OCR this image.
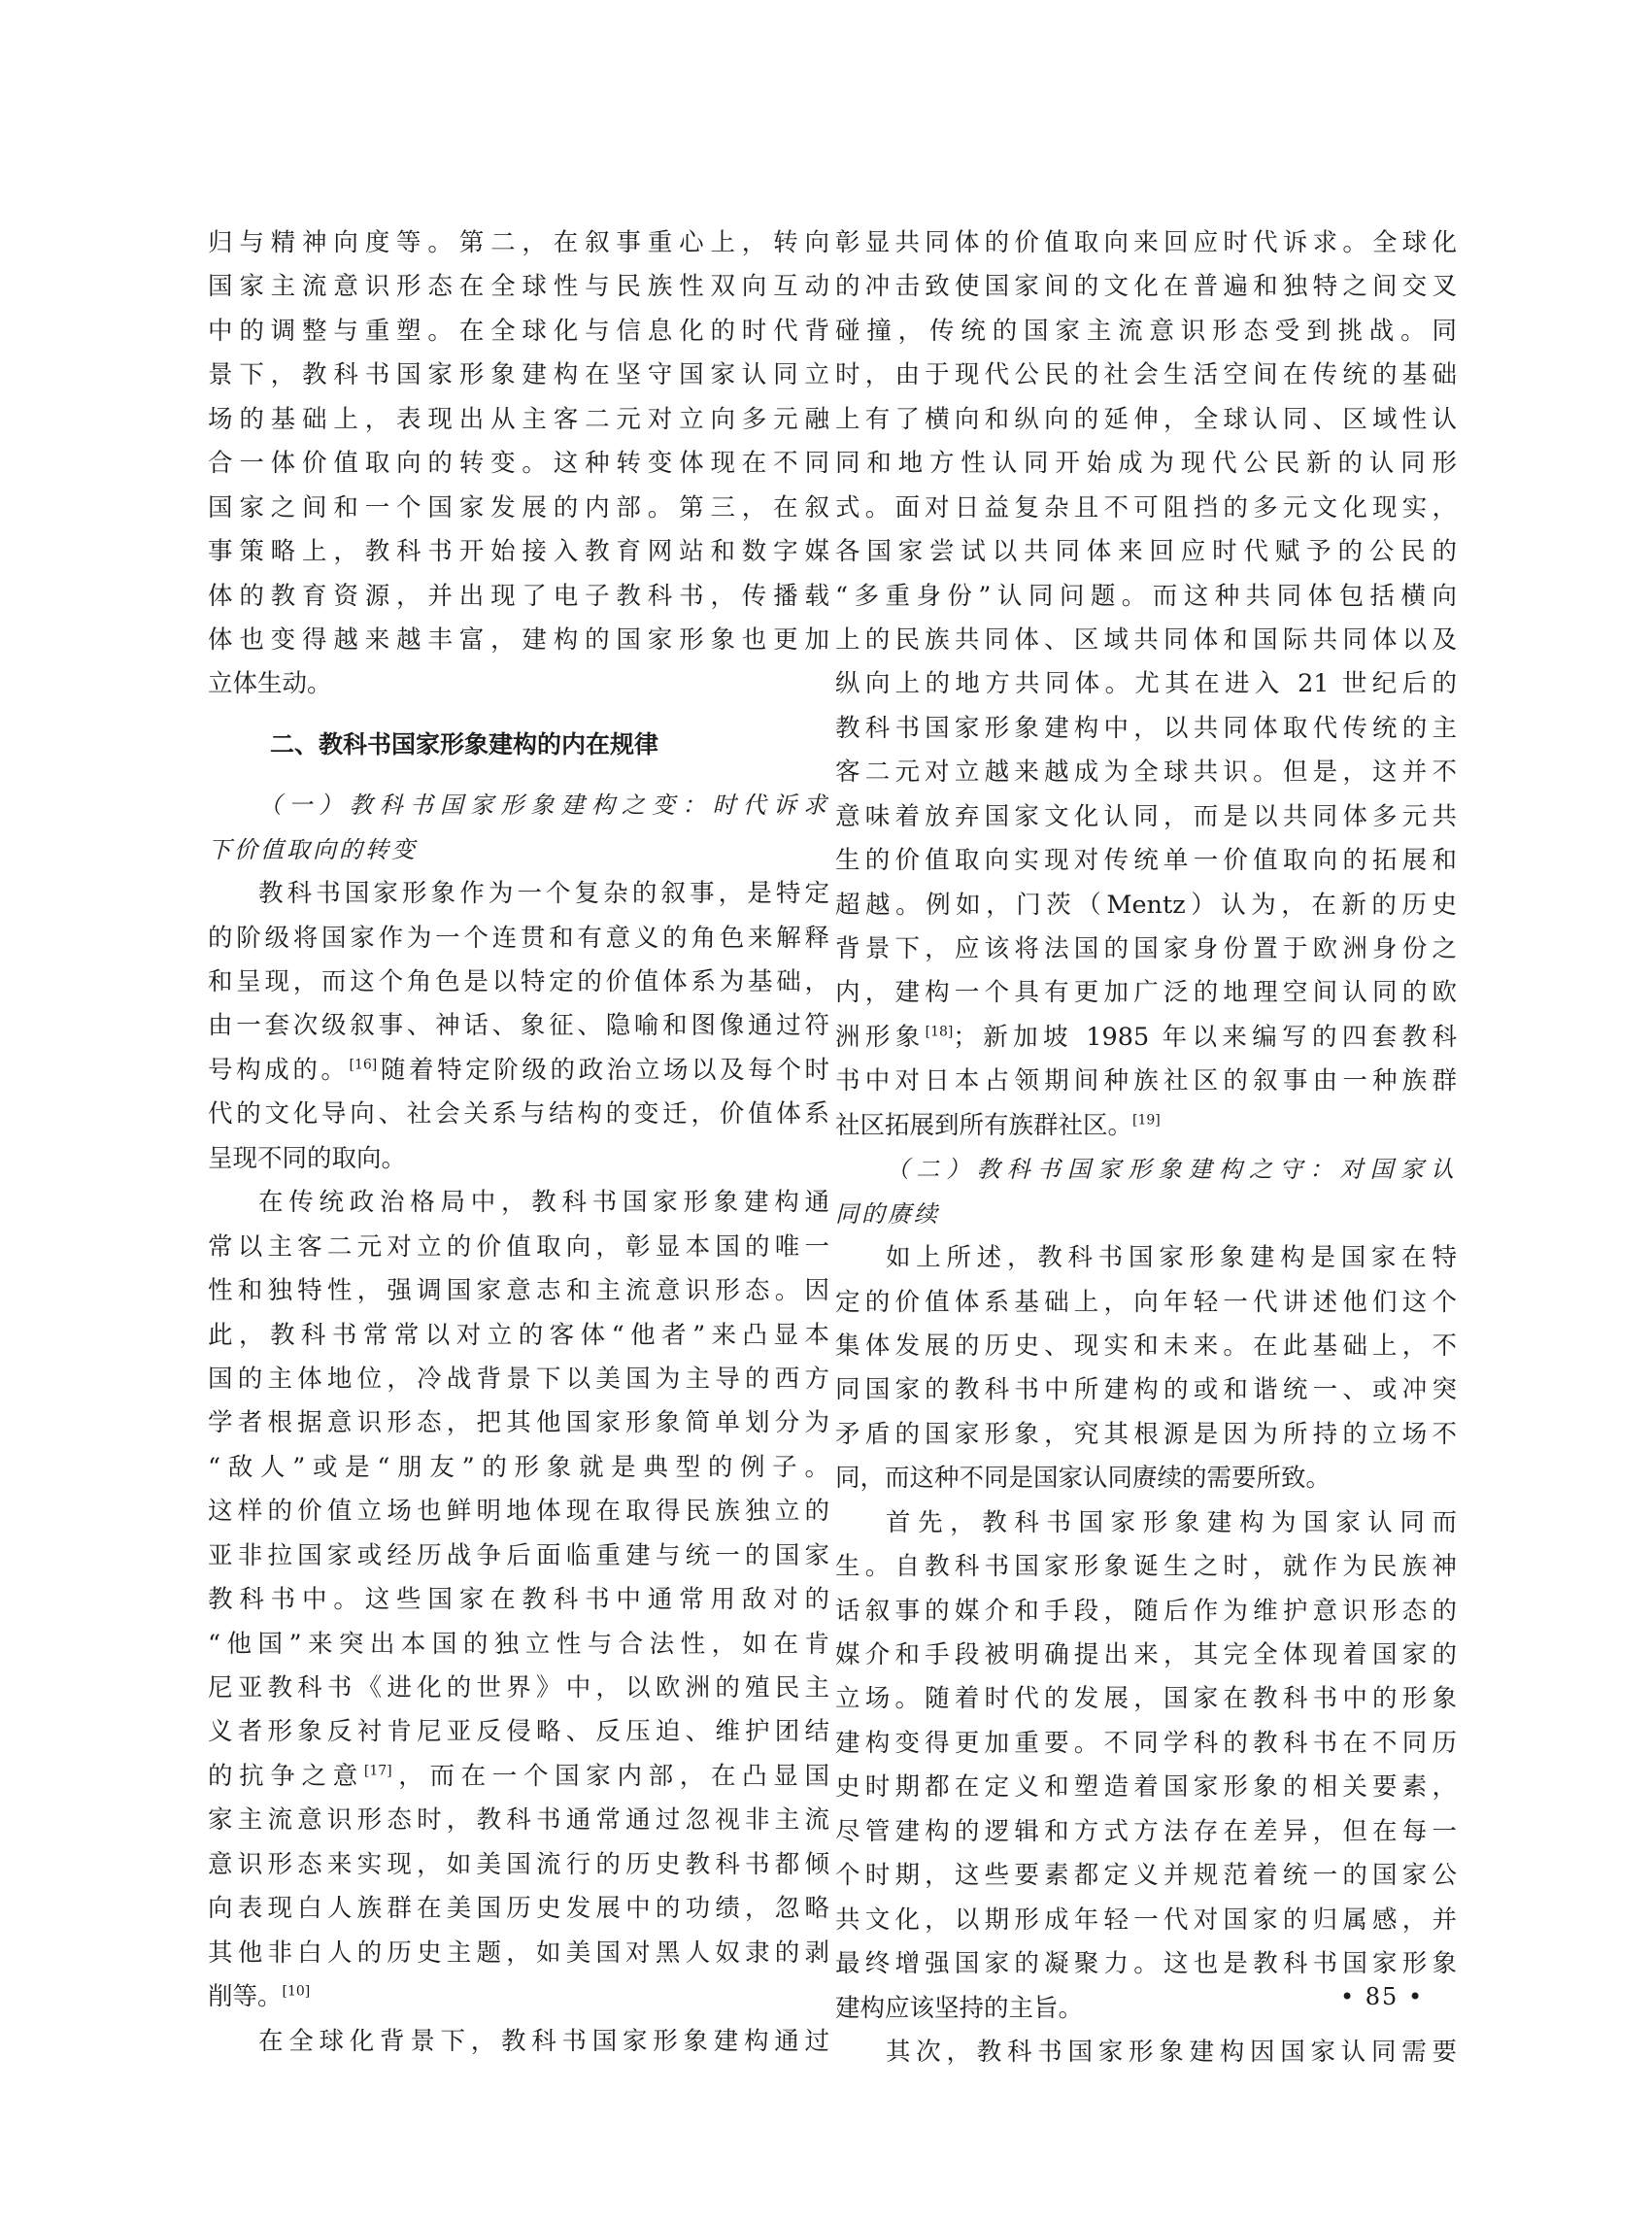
归与精神向度等。第二，在叙事重心上，转向
国家主流意识形态在全球性与民族性双向互动
中的调整与重塑。在全球化与信息化的时代背
景下，教科书国家形象建构在坚守国家认同立
场的基础上，表现出从主客二元对立向多元融
合一体价值取向的转变。这种转变体现在不同
国家之间和一个国家发展的内部。第三，在叙
事策略上，教科书开始接入教育网站和数字媒
体的教育资源，并出现了电子教科书，传播载
体也变得越来越丰富，建构的国家形象也更加
立体生动。
二、教科书国家形象建构的内在规律
（一）教科书国家形象建构之变：时代诉求
下价值取向的转变
教科书国家形象作为一个复杂的叙事，是特定
的阶级将国家作为一个连贯和有意义的角色来解释
和呈现，而这个角色是以特定的价值体系为基础，
由一套次级叙事、神话、象征、隐喻和图像通过符
号构成的。[16]随着特定阶级的政治立场以及每个时
代的文化导向、社会关系与结构的变迁，价值体系
呈现不同的取向。
在传统政治格局中，教科书国家形象建构通
常以主客二元对立的价值取向，彰显本国的唯一
性和独特性，强调国家意志和主流意识形态。因
此，教科书常常以对立的客体“他者”来凸显本
国的主体地位，冷战背景下以美国为主导的西方
学者根据意识形态，把其他国家形象简单划分为
“敌人”或是“朋友”的形象就是典型的例子。
这样的价值立场也鲜明地体现在取得民族独立的
亚非拉国家或经历战争后面临重建与统一的国家
教科书中。这些国家在教科书中通常用敌对的
“他国”来突出本国的独立性与合法性，如在肯
尼亚教科书《进化的世界》中，以欧洲的殖民主
义者形象反衬肯尼亚反侵略、反压迫、维护团结
的抗争之意[17]，而在一个国家内部，在凸显国
家主流意识形态时，教科书通常通过忽视非主流
意识形态来实现，如美国流行的历史教科书都倾
向表现白人族群在美国历史发展中的功绩，忽略
其他非白人的历史主题，如美国对黑人奴隶的剥
削等。[10]
在全球化背景下，教科书国家形象建构通过
彰显共同体的价值取向来回应时代诉求。全球化
的冲击致使国家间的文化在普遍和独特之间交叉
碰撞，传统的国家主流意识形态受到挑战。同
时，由于现代公民的社会生活空间在传统的基础
上有了横向和纵向的延伸，全球认同、区域性认
同和地方性认同开始成为现代公民新的认同形
式。面对日益复杂且不可阻挡的多元文化现实，
各国家尝试以共同体来回应时代赋予的公民的
“多重身份”认同问题。而这种共同体包括横向
上的民族共同体、区域共同体和国际共同体以及
纵向上的地方共同体。尤其在进入 21 世纪后的
教科书国家形象建构中，以共同体取代传统的主
客二元对立越来越成为全球共识。但是，这并不
意味着放弃国家文化认同，而是以共同体多元共
生的价值取向实现对传统单一价值取向的拓展和
超越。例如，门茨（Mentz）认为，在新的历史
背景下，应该将法国的国家身份置于欧洲身份之
内，建构一个具有更加广泛的地理空间认同的欧
洲形象[18]；新加坡 1985 年以来编写的四套教科
书中对日本占领期间种族社区的叙事由一种族群
社区拓展到所有族群社区。[19]
（二）教科书国家形象建构之守：对国家认
同的赓续
如上所述，教科书国家形象建构是国家在特
定的价值体系基础上，向年轻一代讲述他们这个
集体发展的历史、现实和未来。在此基础上，不
同国家的教科书中所建构的或和谐统一、或冲突
矛盾的国家形象，究其根源是因为所持的立场不
同，而这种不同是国家认同赓续的需要所致。
首先，教科书国家形象建构为国家认同而
生。自教科书国家形象诞生之时，就作为民族神
话叙事的媒介和手段，随后作为维护意识形态的
媒介和手段被明确提出来，其完全体现着国家的
立场。随着时代的发展，国家在教科书中的形象
建构变得更加重要。不同学科的教科书在不同历
史时期都在定义和塑造着国家形象的相关要素，
尽管建构的逻辑和方式方法存在差异，但在每一
个时期，这些要素都定义并规范着统一的国家公
共文化，以期形成年轻一代对国家的归属感，并
最终增强国家的凝聚力。这也是教科书国家形象
建构应该坚持的主旨。
其次，教科书国家形象建构因国家认同需要
• 85 •
